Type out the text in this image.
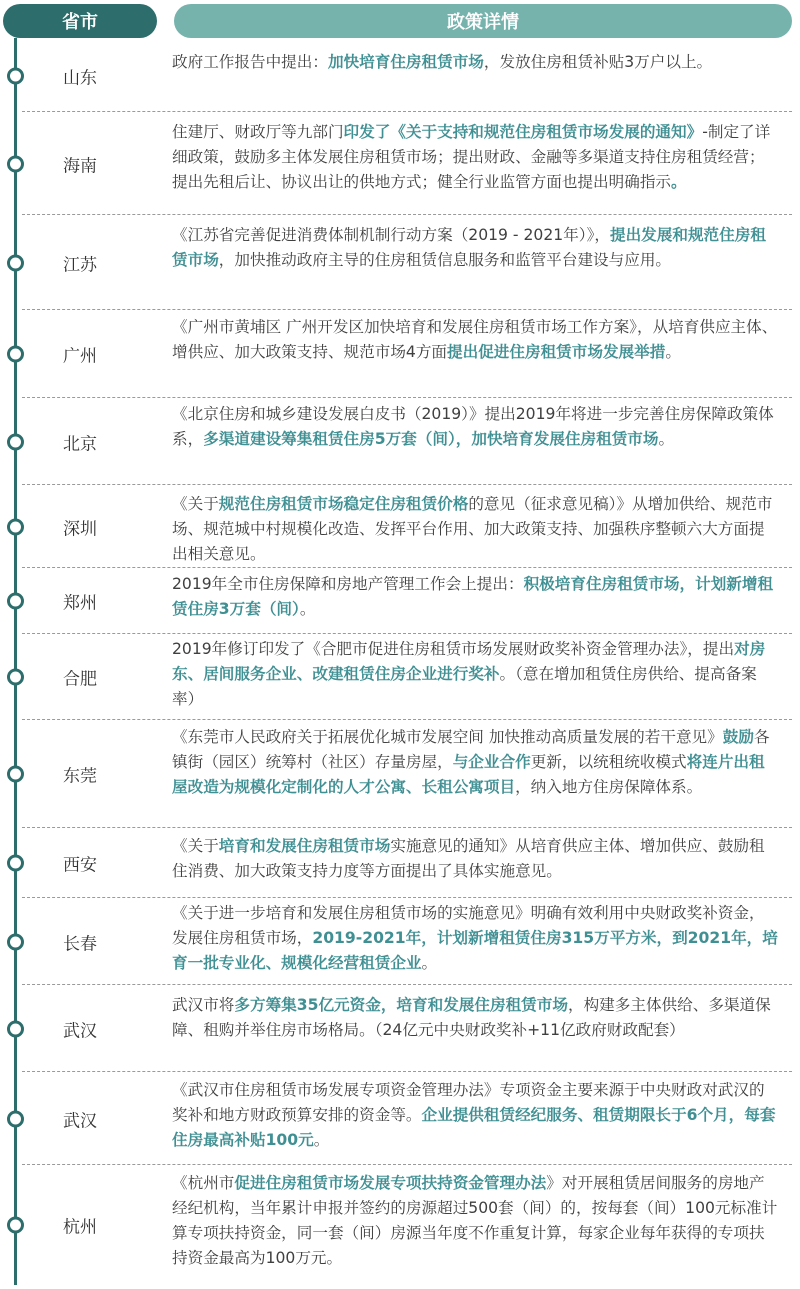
省市	政策详情
山东
政府工作报告中提出：加快培育住房租赁市场，发放住房租赁补贴3万户以上。
海南
住建厅、财政厅等九部门印发了《关于支持和规范住房租赁市场发展的通知》-制定了详细政策，鼓励多主体发展住房租赁市场；提出财政、金融等多渠道支持住房租赁经营；提出先租后让、协议出让的供地方式；健全行业监管方面也提出明确指示。
江苏
《江苏省完善促进消费体制机制行动方案（2019 - 2021年）》，提出发展和规范住房租赁市场，加快推动政府主导的住房租赁信息服务和监管平台建设与应用。
广州
《广州市黄埔区 广州开发区加快培育和发展住房租赁市场工作方案》，从培育供应主体、增供应、加大政策支持、规范市场4方面提出促进住房租赁市场发展举措。
北京
《北京住房和城乡建设发展白皮书（2019）》提出2019年将进一步完善住房保障政策体系，多渠道建设筹集租赁住房5万套（间），加快培育发展住房租赁市场。
深圳
《关于规范住房租赁市场稳定住房租赁价格的意见（征求意见稿）》从增加供给、规范市场、规范城中村规模化改造、发挥平台作用、加大政策支持、加强秩序整顿六大方面提出相关意见。
郑州
2019年全市住房保障和房地产管理工作会上提出：积极培育住房租赁市场，计划新增租赁住房3万套（间）。
合肥
2019年修订印发了《合肥市促进住房租赁市场发展财政奖补资金管理办法》，提出对房东、居间服务企业、改建租赁住房企业进行奖补。（意在增加租赁住房供给、提高备案率）
东莞
《东莞市人民政府关于拓展优化城市发展空间 加快推动高质量发展的若干意见》鼓励各镇街（园区）统筹村（社区）存量房屋，与企业合作更新，以统租统收模式将连片出租屋改造为规模化定制化的人才公寓、长租公寓项目，纳入地方住房保障体系。
西安
《关于培育和发展住房租赁市场实施意见的通知》从培育供应主体、增加供应、鼓励租住消费、加大政策支持力度等方面提出了具体实施意见。
长春
《关于进一步培育和发展住房租赁市场的实施意见》明确有效利用中央财政奖补资金，发展住房租赁市场，2019-2021年，计划新增租赁住房315万平方米，到2021年，培育一批专业化、规模化经营租赁企业。
武汉
武汉市将多方筹集35亿元资金，培育和发展住房租赁市场，构建多主体供给、多渠道保障、租购并举住房市场格局。（24亿元中央财政奖补+11亿政府财政配套）
武汉
《武汉市住房租赁市场发展专项资金管理办法》专项资金主要来源于中央财政对武汉的奖补和地方财政预算安排的资金等。企业提供租赁经纪服务、租赁期限长于6个月，每套住房最高补贴100元。
杭州
《杭州市促进住房租赁市场发展专项扶持资金管理办法》对开展租赁居间服务的房地产经纪机构，当年累计申报并签约的房源超过500套（间）的，按每套（间）100元标准计算专项扶持资金，同一套（间）房源当年度不作重复计算，每家企业每年获得的专项扶持资金最高为100万元。
